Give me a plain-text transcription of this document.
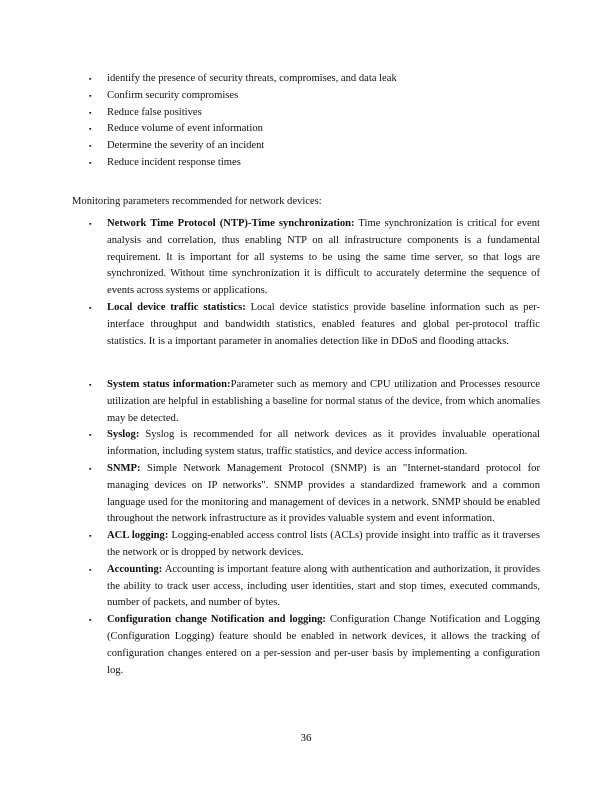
▪ identify the presence of security threats, compromises, and data leak
▪ Confirm security compromises
▪ Reduce false positives
▪ Reduce volume of event information
▪ Determine the severity of an incident
▪ Reduce incident response times

Monitoring parameters recommended for network devices:

▪ Network Time Protocol (NTP)-Time synchronization: Time synchronization is critical for event analysis and correlation, thus enabling NTP on all infrastructure components is a fundamental requirement. It is important for all systems to be using the same time server, so that logs are synchronized. Without time synchronization it is difficult to accurately determine the sequence of events across systems or applications.
▪ Local device traffic statistics: Local device statistics provide baseline information such as per-interface throughput and bandwidth statistics, enabled features and global per-protocol traffic statistics. It is a important parameter in anomalies detection like in DDoS and flooding attacks.
▪ System status information:Parameter such as memory and CPU utilization and Processes resource utilization are helpful in establishing a baseline for normal status of the device, from which anomalies may be detected.
▪ Syslog: Syslog is recommended for all network devices as it provides invaluable operational information, including system status, traffic statistics, and device access information.
▪ SNMP: Simple Network Management Protocol (SNMP) is an "Internet-standard protocol for managing devices on IP networks". SNMP provides a standardized framework and a common language used for the monitoring and management of devices in a network. SNMP should be enabled throughout the network infrastructure as it provides valuable system and event information.
▪ ACL logging: Logging-enabled access control lists (ACLs) provide insight into traffic as it traverses the network or is dropped by network devices.
▪ Accounting: Accounting is important feature along with authentication and authorization, it provides the ability to track user access, including user identities, start and stop times, executed commands, number of packets, and number of bytes.
▪ Configuration change Notification and logging: Configuration Change Notification and Logging (Configuration Logging) feature should be enabled in network devices, it allows the tracking of configuration changes entered on a per-session and per-user basis by implementing a configuration log.
36
